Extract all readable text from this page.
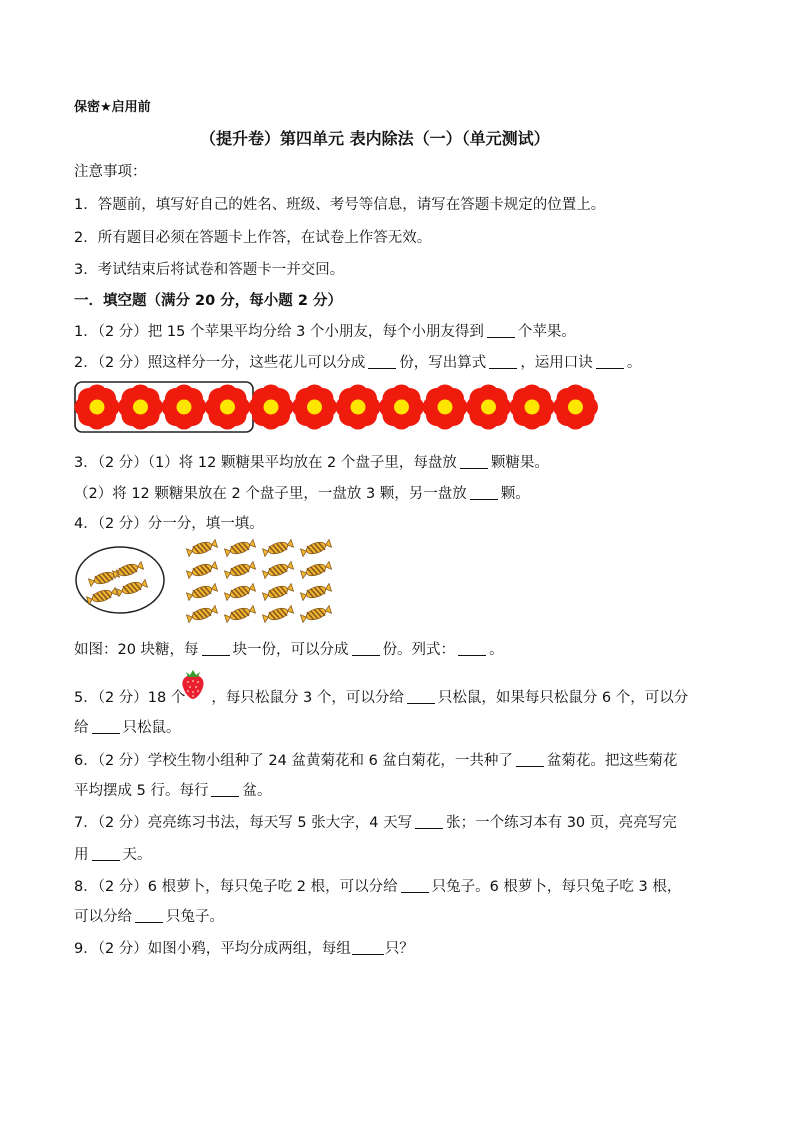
保密★启用前
（提升卷）第四单元 表内除法（一）（单元测试）
注意事项：
1．答题前，填写好自己的姓名、班级、考号等信息，请写在答题卡规定的位置上。
2．所有题目必须在答题卡上作答，在试卷上作答无效。
3．考试结束后将试卷和答题卡一并交回。
一．填空题（满分 20 分，每小题 2 分）
1．（2 分）把 15 个苹果平均分给 3 个小朋友，每个小朋友得到 个苹果。
2．（2 分）照这样分一分，这些花儿可以分成 份，写出算式 ，运用口诀 。
3．（2 分）（1）将 12 颗糖果平均放在 2 个盘子里，每盘放 颗糖果。
（2）将 12 颗糖果放在 2 个盘子里，一盘放 3 颗，另一盘放 颗。
4．（2 分）分一分，填一填。
如图：20 块糖，每 块一份，可以分成 份。列式： 。
5．（2 分）18 个 ，每只松鼠分 3 个，可以分给 只松鼠，如果每只松鼠分 6 个，可以分
给 只松鼠。
6．（2 分）学校生物小组种了 24 盆黄菊花和 6 盆白菊花，一共种了 盆菊花。把这些菊花
平均摆成 5 行。每行 盆。
7．（2 分）亮亮练习书法，每天写 5 张大字，4 天写 张；一个练习本有 30 页，亮亮写完
用 天。
8．（2 分）6 根萝卜，每只兔子吃 2 根，可以分给 只兔子。6 根萝卜，每只兔子吃 3 根，
可以分给 只兔子。
9．（2 分）如图小鸦，平均分成两组，每组 只？
